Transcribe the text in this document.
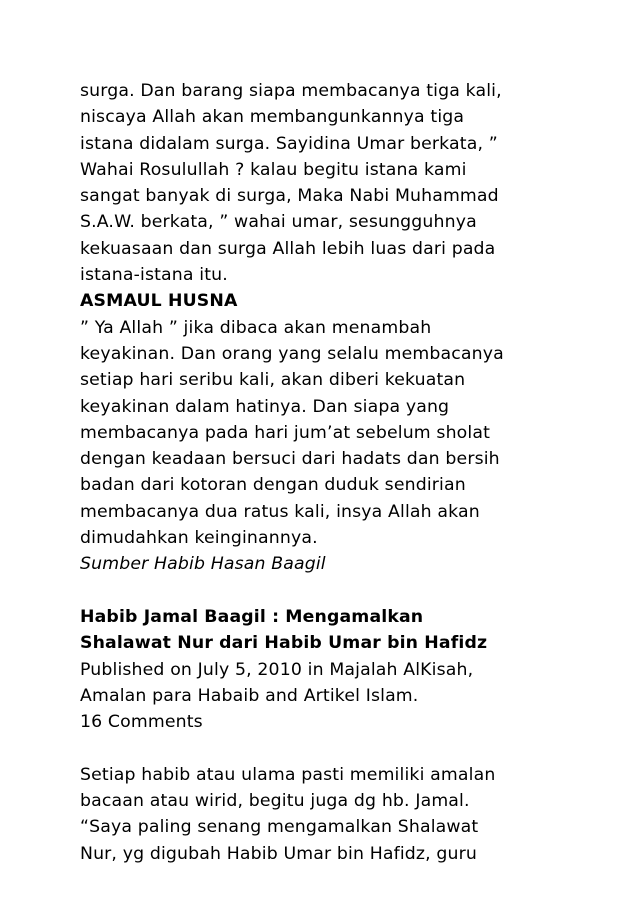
surga. Dan barang siapa membacanya tiga kali,
niscaya Allah akan membangunkannya tiga
istana didalam surga. Sayidina Umar berkata, ”
Wahai Rosulullah ? kalau begitu istana kami
sangat banyak di surga, Maka Nabi Muhammad
S.A.W. berkata, ” wahai umar, sesungguhnya
kekuasaan dan surga Allah lebih luas dari pada
istana-istana itu.
ASMAUL HUSNA
” Ya Allah ” jika dibaca akan menambah
keyakinan. Dan orang yang selalu membacanya
setiap hari seribu kali, akan diberi kekuatan
keyakinan dalam hatinya. Dan siapa yang
membacanya pada hari jum’at sebelum sholat
dengan keadaan bersuci dari hadats dan bersih
badan dari kotoran dengan duduk sendirian
membacanya dua ratus kali, insya Allah akan
dimudahkan keinginannya.
Sumber Habib Hasan Baagil
Habib Jamal Baagil : Mengamalkan
Shalawat Nur dari Habib Umar bin Hafidz
Published on July 5, 2010 in Majalah AlKisah,
Amalan para Habaib and Artikel Islam.
16 Comments
Setiap habib atau ulama pasti memiliki amalan
bacaan atau wirid, begitu juga dg hb. Jamal.
“Saya paling senang mengamalkan Shalawat
Nur, yg digubah Habib Umar bin Hafidz, guru
